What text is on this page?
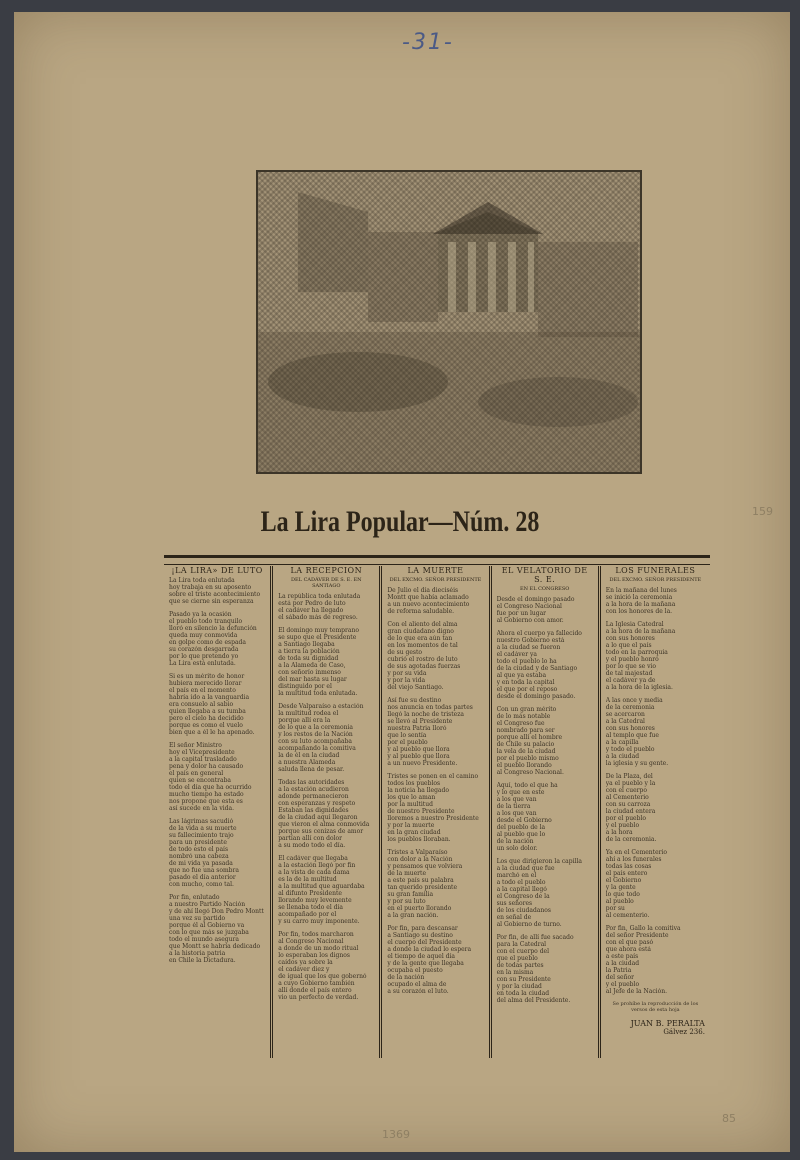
-31-
La Lira Popular—Núm. 28	159
1369
85
¡LA LIRA» DE LUTO
La Lira toda enlutada
hoy trabaja en su aposento
sobre el triste acontecimiento
que se cierne sin esperanza
Pasado ya la ocasión
el pueblo todo tranquilo
lloró en silencio la defunción
queda muy conmovida
en golpe como de espada
su corazón desgarrada
por lo que pretendo yo
La Lira está enlutada.
Si es un mérito de honor
hubiera merecido llorar
el país en el momento
habría ido a la vanguardia
era consuelo al sabio
quien llegaba a su tumba
pero el cielo ha decidido
porque es como el vuelo
bien que a él le ha apenado.
El señor Ministro
hoy el Vicepresidente
a la capital trasladado
pena y dolor ha causado
el país en general
quien se encontraba
todo el día que ha ocurrido
mucho tiempo ha estado
nos propone que esta es
así sucede en la vida.
Las lágrimas sacudió
de la vida a su muerte
su fallecimiento trajo
para un presidente
de todo esto el país
nombró una cabeza
de mi vida ya pasada
que no fue una sombra
pasado el día anterior
con mucho, como tal.
Por fin, enlutado
a nuestro Partido Nación
y de ahí llegó Don Pedro Montt
una vez su partido
porque él al Gobierno va
con lo que más se juzgaba
todo el mundo asegura
que Montt se habría dedicado
a la historia patria
en Chile la Dictadura.
LA RECEPCIÓN
DEL CADÁVER DE S. E. EN SANTIAGO
La república toda enlutada
está por Pedro de luto
el cadáver ha llegado
el sábado más de regreso.
El domingo muy temprano
se supo que el Presidente
a Santiago llegaba
a tierra la población
de toda su dignidad
a la Alameda de Caso,
con señorío inmenso
del mar hasta su lugar
distinguido por el
la multitud toda enlutada.
Desde Valparaíso a estación
la multitud rodea el
porque allí era la
de lo que a la ceremonia
y los restos de la Nación
con su luto acompañaba
acompañando la comitiva
la de él en la ciudad
a nuestra Alameda
saluda llena de pesar.
Todas las autoridades
a la estación acudieron
adonde permanecieron
con esperanzas y respeto
Estaban las dignidades
de la ciudad aquí llegaron
que vieron el alma conmovida
porque sus cenizas de amor
partían allí con dolor
a su modo todo el día.
El cadáver que llegaba
a la estación llegó por fin
a la vista de cada dama
es la de la multitud
a la multitud que aguardaba
al difunto Presidente
llorando muy levemente
se llenaba todo el día
acompañado por el
y su carro muy imponente.
Por fin, todos marcharon
al Congreso Nacional
a donde de un modo ritual
lo esperaban los dignos
caídos ya sobre la
el cadáver diez y
de igual que los que gobernó
a cuyo Gobierno también
allí donde el país entero
vio un perfecto de verdad.
LA MUERTE
DEL EXCMO. SEÑOR PRESIDENTE
De Julio el día dieciséis
Montt que había aclamado
a un nuevo acontecimiento
de reforma saludable.
Con el aliento del alma
gran ciudadano digno
de lo que era aún tan
en los momentos de tal
de su gesto
cubrió el rostro de luto
de sus agotadas fuerzas
y por su vida
y por la vida
del viejo Santiago.
Así fue su destino
nos anuncia en todas partes
llegó la noche de tristeza
se llevó al Presidente
nuestra Patria lloró
que lo sentía
por el pueblo
y al pueblo que llora
y al pueblo que llora
a un nuevo Presidente.
Tristes se ponen en el camino
todos los pueblos
la noticia ha llegado
los que lo aman
por la multitud
de nuestro Presidente
lloremos a nuestro Presidente
y por la muerte
en la gran ciudad
los pueblos lloraban.
Tristes a Valparaíso
con dolor a la Nación
y pensamos que volviera
de la muerte
a este país su palabra
tan querido presidente
su gran familia
y por su luto
en el puerto llorando
a la gran nación.
Por fin, para descansar
a Santiago su destino
el cuerpo del Presidente
a donde la ciudad lo espera
el tiempo de aquel día
y de la gente que llegaba
ocupaba el puesto
de la nación
ocupado el alma de
a su corazón el luto.
EL VELATORIO DE S. E.
EN EL CONGRESO
Desde el domingo pasado
el Congreso Nacional
fue por un lugar
al Gobierno con amor.
Ahora el cuerpo ya fallecido
nuestro Gobierno está
a la ciudad se fueron
el cadáver ya
todo el pueblo lo ha
de la ciudad y de Santiago
al que ya estaba
y en toda la capital
el que por el reposo
desde el domingo pasado.
Con un gran mérito
de lo más notable
el Congreso fue
nombrado para ser
porque allí el hombre
de Chile su palacio
la vela de la ciudad
por el pueblo mismo
el pueblo llorando
al Congreso Nacional.
Aquí, todo el que ha
y lo que en este
a los que van
de la tierra
a los que van
desde el Gobierno
del pueblo de la
al pueblo que lo
de la nación
un solo dolor.
Los que dirigieron la capilla
a la ciudad que fue
marchó en el
a todo el pueblo
a la capital llegó
el Congreso de la
sus señores
de los ciudadanos
en señal de
al Gobierno de turno.
Por fin, de allí fue sacado
para la Catedral
con el cuerpo del
que el pueblo
de todas partes
en la misma
con su Presidente
y por la ciudad
en toda la ciudad
del alma del Presidente.
LOS FUNERALES
DEL EXCMO. SEÑOR PRESIDENTE
En la mañana del lunes
se inició la ceremonia
a la hora de la mañana
con los honores de la.
La Iglesia Catedral
a la hora de la mañana
con sus honores
a lo que el país
todo en la parroquia
y el pueblo honró
por lo que se vio
de tal majestad
el cadáver ya de
a la hora de la iglesia.
A las once y media
de la ceremonia
se acercaron
a la Catedral
con sus honores
al templo que fue
a la capilla
y todo el pueblo
a la ciudad
la iglesia y su gente.
De la Plaza, del
ya el pueblo y la
con el cuerpo
al Cementerio
con su carroza
la ciudad entera
por el pueblo
y el pueblo
a la hora
de la ceremonia.
Ya en el Cementerio
ahí a los funerales
todas las cosas
el país entero
el Gobierno
y la gente
lo que todo
al pueblo
por su
al cementerio.
Por fin, Gallo la comitiva
del señor Presidente
con el que pasó
que ahora está
a este país
a la ciudad
la Patria
del señor
y el pueblo
al Jefe de la Nación.
Se prohíbe la reproducción de los versos de esta hoja
JUAN B. PERALTA
Gálvez 236.
